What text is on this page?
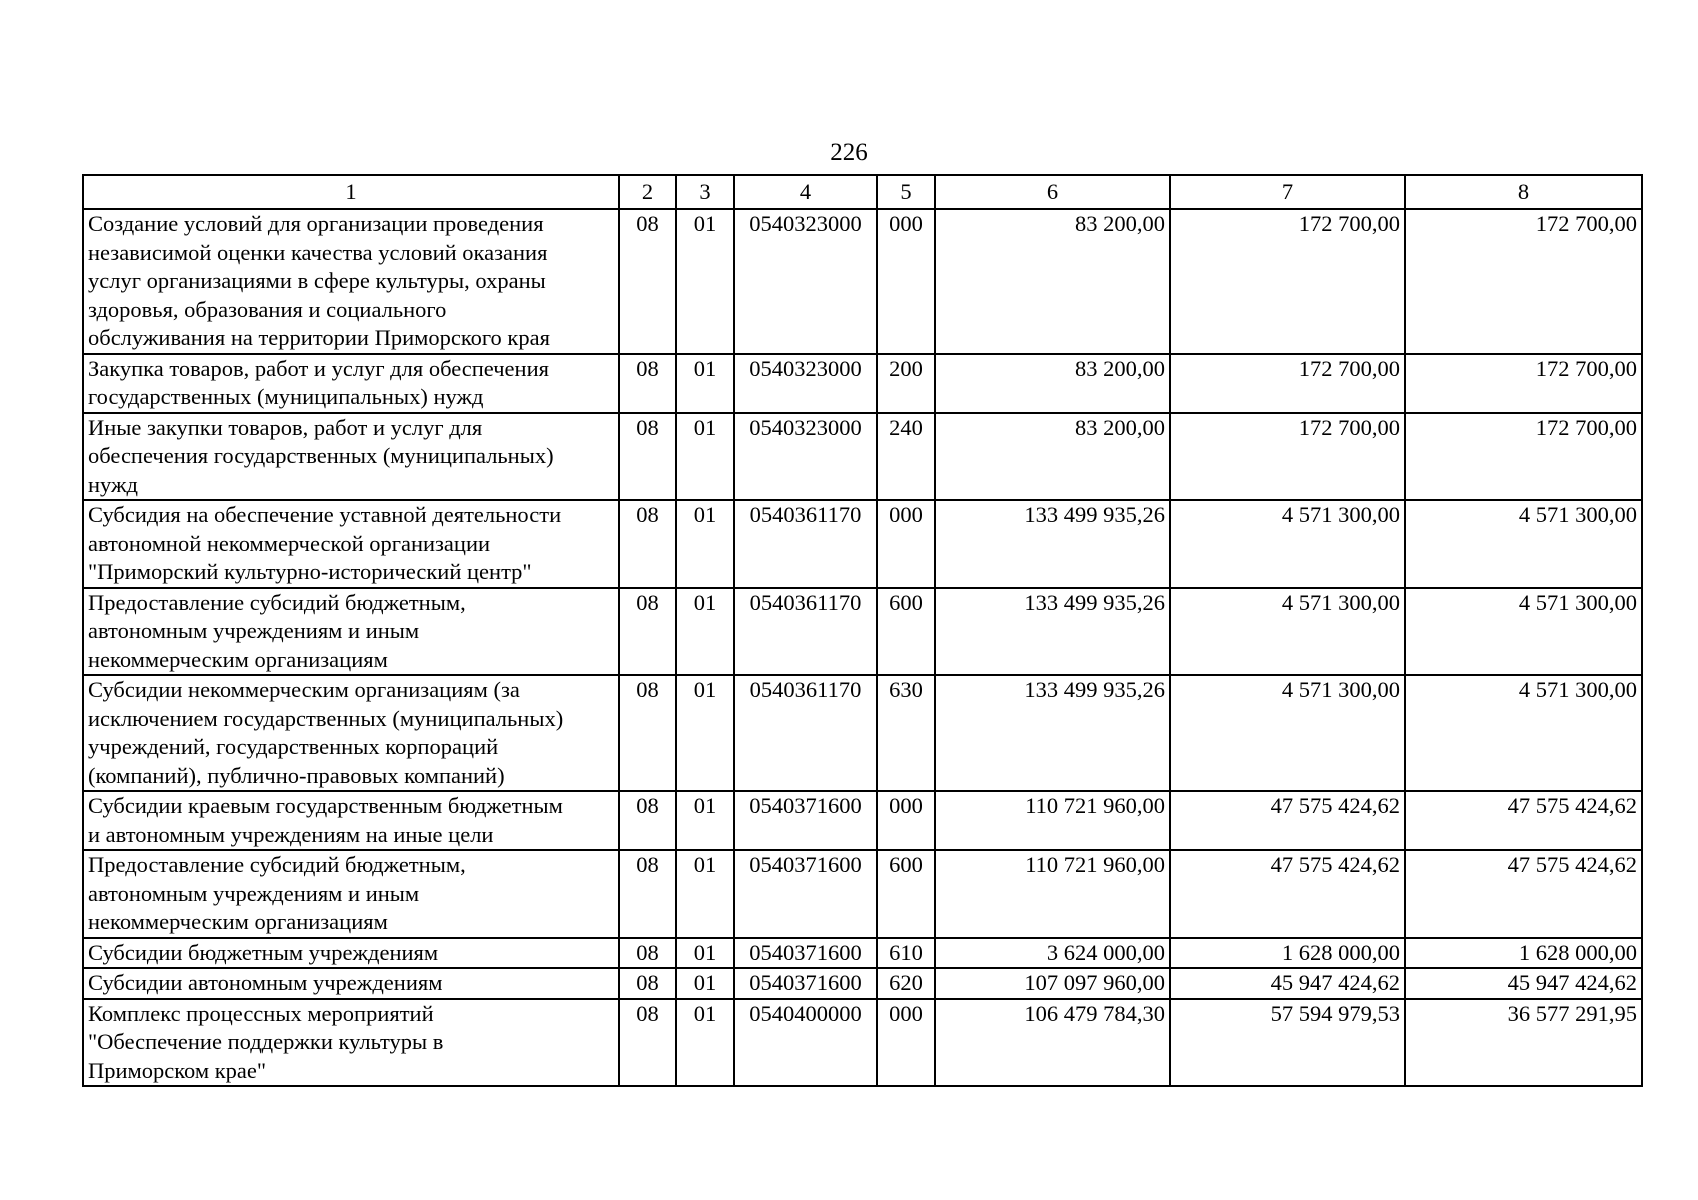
226
1	2	3	4	5	6	7	8

Создание условий для организации проведения
независимой оценки качества условий оказания
услуг организациями в сфере культуры, охраны
здоровья, образования и социального
обслуживания на территории Приморского края	08	01	0540323000	000	83 200,00	172 700,00	172 700,00

Закупка товаров, работ и услуг для обеспечения
государственных (муниципальных) нужд	08	01	0540323000	200	83 200,00	172 700,00	172 700,00

Иные закупки товаров, работ и услуг для
обеспечения государственных (муниципальных)
нужд	08	01	0540323000	240	83 200,00	172 700,00	172 700,00

Субсидия на обеспечение уставной деятельности
автономной некоммерческой организации
"Приморский культурно-исторический центр"	08	01	0540361170	000	133 499 935,26	4 571 300,00	4 571 300,00

Предоставление субсидий бюджетным,
автономным учреждениям и иным
некоммерческим организациям	08	01	0540361170	600	133 499 935,26	4 571 300,00	4 571 300,00

Субсидии некоммерческим организациям (за
исключением государственных (муниципальных)
учреждений, государственных корпораций
(компаний), публично-правовых компаний)	08	01	0540361170	630	133 499 935,26	4 571 300,00	4 571 300,00

Субсидии краевым государственным бюджетным
и автономным учреждениям на иные цели	08	01	0540371600	000	110 721 960,00	47 575 424,62	47 575 424,62

Предоставление субсидий бюджетным,
автономным учреждениям и иным
некоммерческим организациям	08	01	0540371600	600	110 721 960,00	47 575 424,62	47 575 424,62

Субсидии бюджетным учреждениям	08	01	0540371600	610	3 624 000,00	1 628 000,00	1 628 000,00

Субсидии автономным учреждениям	08	01	0540371600	620	107 097 960,00	45 947 424,62	45 947 424,62

Комплекс процессных мероприятий
"Обеспечение поддержки культуры в
Приморском крае"	08	01	0540400000	000	106 479 784,30	57 594 979,53	36 577 291,95
